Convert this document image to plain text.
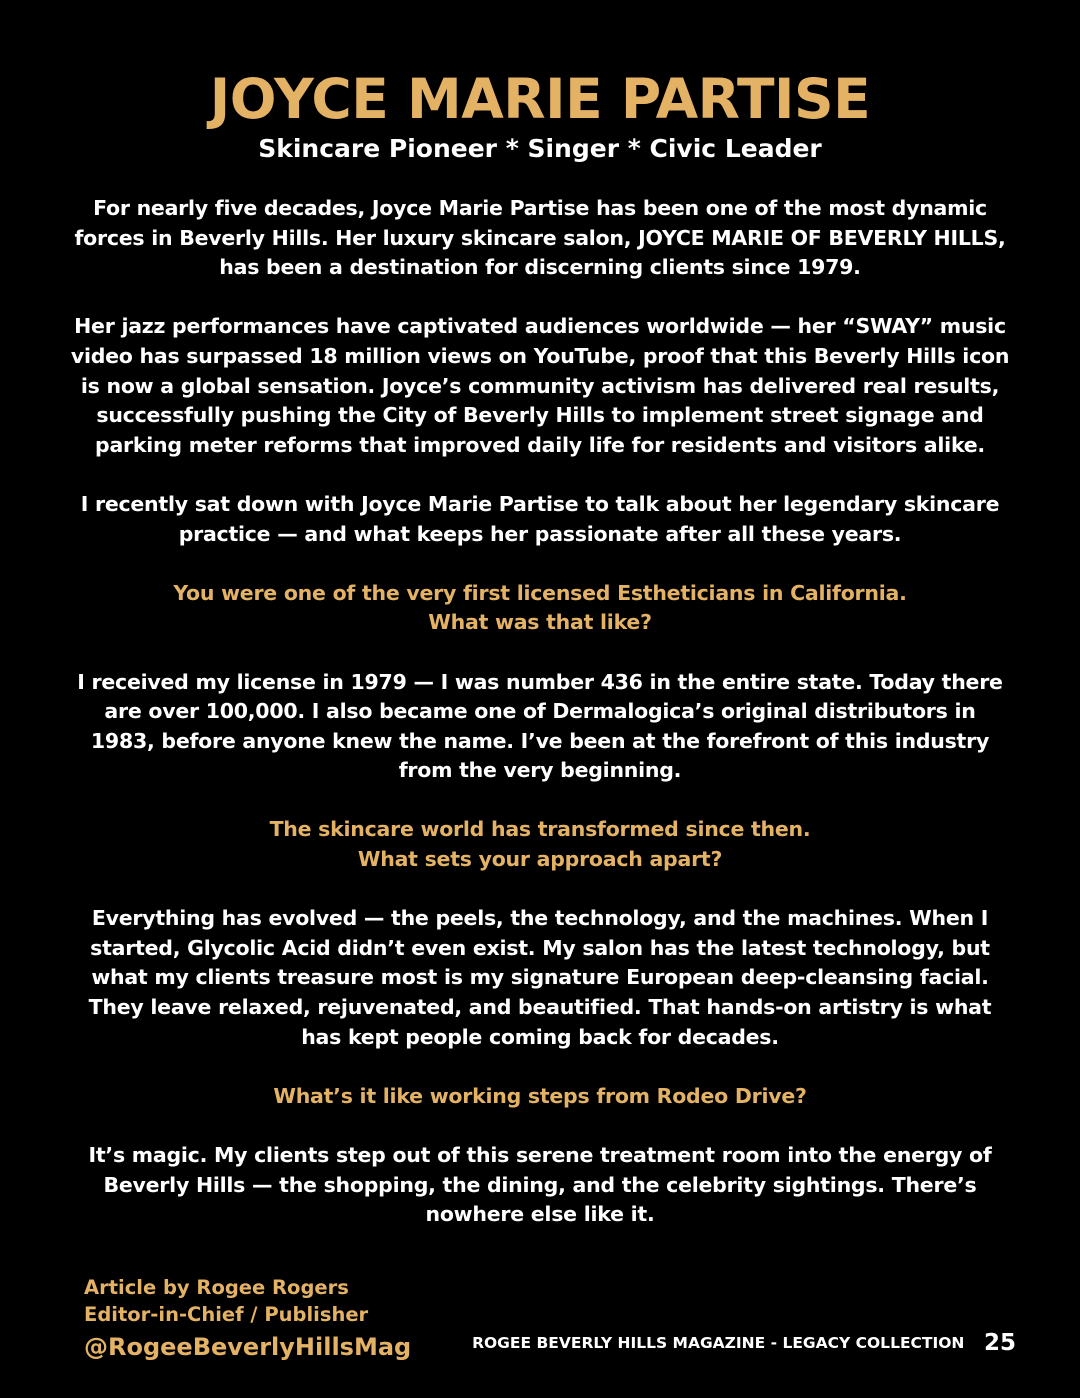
JOYCE MARIE PARTISE
Skincare Pioneer * Singer * Civic Leader

For nearly five decades, Joyce Marie Partise has been one of the most dynamic forces in Beverly Hills. Her luxury skincare salon, JOYCE MARIE OF BEVERLY HILLS, has been a destination for discerning clients since 1979.

Her jazz performances have captivated audiences worldwide — her “SWAY” music video has surpassed 18 million views on YouTube, proof that this Beverly Hills icon is now a global sensation. Joyce’s community activism has delivered real results, successfully pushing the City of Beverly Hills to implement street signage and parking meter reforms that improved daily life for residents and visitors alike.

I recently sat down with Joyce Marie Partise to talk about her legendary skincare practice — and what keeps her passionate after all these years.

You were one of the very first licensed Estheticians in California.
What was that like?

I received my license in 1979 — I was number 436 in the entire state. Today there are over 100,000. I also became one of Dermalogica’s original distributors in 1983, before anyone knew the name. I’ve been at the forefront of this industry from the very beginning.

The skincare world has transformed since then.
What sets your approach apart?

Everything has evolved — the peels, the technology, and the machines. When I started, Glycolic Acid didn’t even exist. My salon has the latest technology, but what my clients treasure most is my signature European deep-cleansing facial. They leave relaxed, rejuvenated, and beautified. That hands-on artistry is what has kept people coming back for decades.

What’s it like working steps from Rodeo Drive?

It’s magic. My clients step out of this serene treatment room into the energy of Beverly Hills — the shopping, the dining, and the celebrity sightings. There’s nowhere else like it.

Article by Rogee Rogers
Editor-in-Chief / Publisher
@RogeeBeverlyHillsMag	ROGEE BEVERLY HILLS MAGAZINE - LEGACY COLLECTION 25
